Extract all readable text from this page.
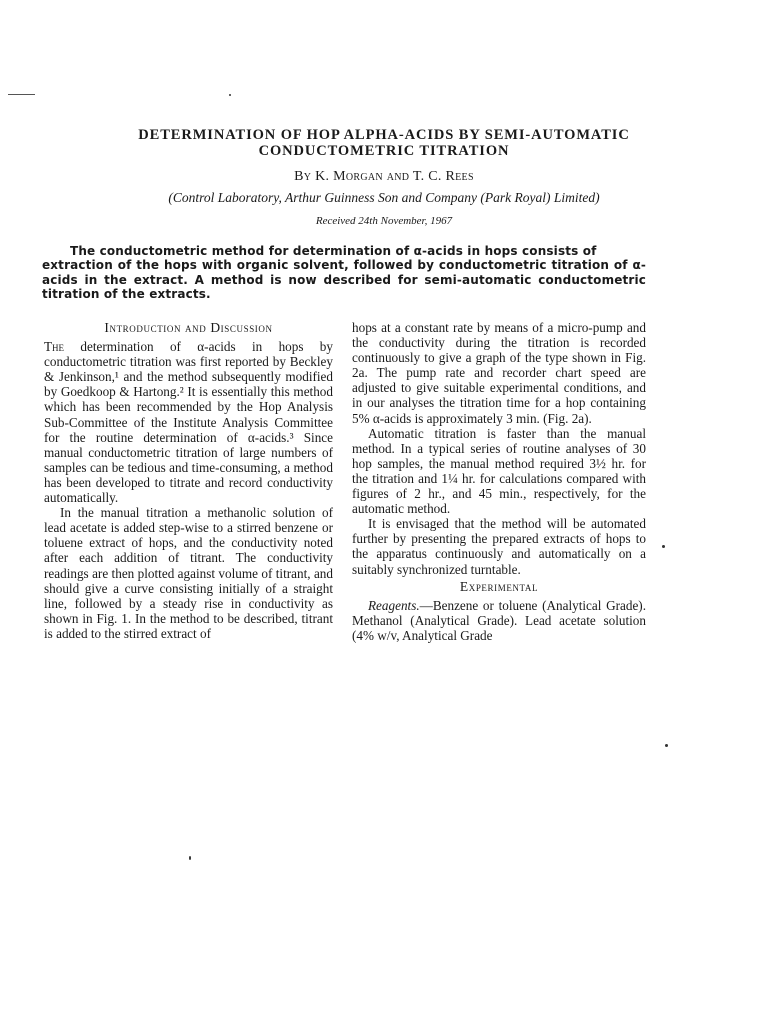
DETERMINATION OF HOP ALPHA-ACIDS BY SEMI-AUTOMATIC
CONDUCTOMETRIC TITRATION
By K. Morgan and T. C. Rees
(Control Laboratory, Arthur Guinness Son and Company (Park Royal) Limited)
Received 24th November, 1967
The conductometric method for determination of α-acids in hops consists of
extraction of the hops with organic solvent, followed by conductometric titration of α-acids in the extract. A method is now described for semi-automatic conductometric titration of the extracts.
Introduction and Discussion

The determination of α-acids in hops by conductometric titration was first reported by Beckley & Jenkinson,¹ and the method subsequently modified by Goedkoop & Hartong.² It is essentially this method which has been recommended by the Hop Analysis Sub-Committee of the Institute Analysis Committee for the routine determination of α-acids.³ Since manual conductometric titration of large numbers of samples can be tedious and time-consuming, a method has been developed to titrate and record conductivity automatically.

In the manual titration a methanolic solution of lead acetate is added step-wise to a stirred benzene or toluene extract of hops, and the conductivity noted after each addition of titrant. The conductivity readings are then plotted against volume of titrant, and should give a curve consisting initially of a straight line, followed by a steady rise in conductivity as shown in Fig. 1. In the method to be described, titrant is added to the stirred extract of

hops at a constant rate by means of a micro-pump and the conductivity during the titration is recorded continuously to give a graph of the type shown in Fig. 2a. The pump rate and recorder chart speed are adjusted to give suitable experimental conditions, and in our analyses the titration time for a hop containing 5% α-acids is approximately 3 min. (Fig. 2a).

Automatic titration is faster than the manual method. In a typical series of routine analyses of 30 hop samples, the manual method required 3½ hr. for the titration and 1¼ hr. for calculations compared with figures of 2 hr., and 45 min., respectively, for the automatic method.

It is envisaged that the method will be automated further by presenting the prepared extracts of hops to the apparatus continuously and automatically on a suitably synchronized turntable.

Experimental

Reagents.—Benzene or toluene (Analytical Grade). Methanol (Analytical Grade). Lead acetate solution (4% w/v, Analytical Grade
